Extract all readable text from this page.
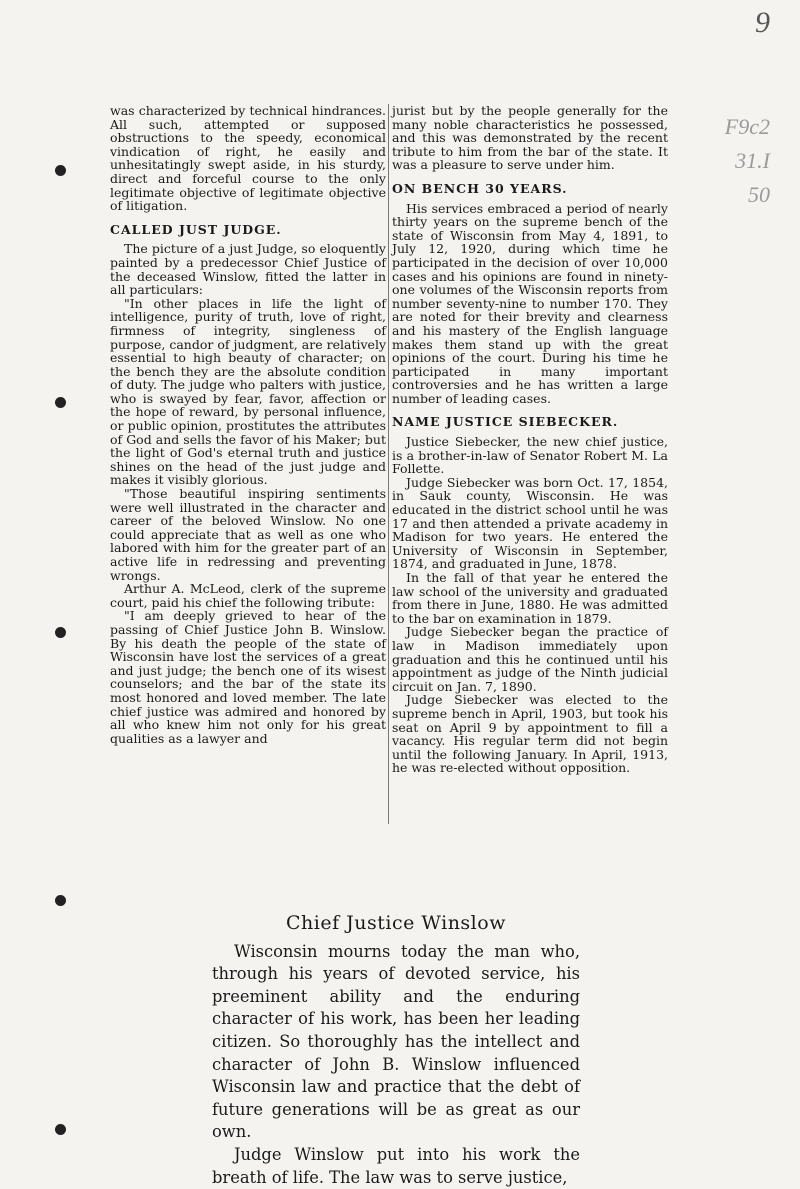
9
F9c2
31.I
50

was characterized by technical hindrances. All such, attempted or supposed obstructions to the speedy, economical vindication of right, he easily and unhesitatingly swept aside, in his sturdy, direct and forceful course to the only legitimate objective of legitimate objective of litigation.

CALLED JUST JUDGE.

The picture of a just Judge, so eloquently painted by a predecessor Chief Justice of the deceased Winslow, fitted the latter in all particulars:

"In other places in life the light of intelligence, purity of truth, love of right, firmness of integrity, singleness of purpose, candor of judgment, are relatively essential to high beauty of character; on the bench they are the absolute condition of duty. The judge who palters with justice, who is swayed by fear, favor, affection or the hope of reward, by personal influence, or public opinion, prostitutes the attributes of God and sells the favor of his Maker; but the light of God's eternal truth and justice shines on the head of the just judge and makes it visibly glorious.

"Those beautiful inspiring sentiments were well illustrated in the character and career of the beloved Winslow. No one could appreciate that as well as one who labored with him for the greater part of an active life in redressing and preventing wrongs.

Arthur A. McLeod, clerk of the supreme court, paid his chief the following tribute:

"I am deeply grieved to hear of the passing of Chief Justice John B. Winslow. By his death the people of the state of Wisconsin have lost the services of a great and just judge; the bench one of its wisest counselors; and the bar of the state its most honored and loved member. The late chief justice was admired and honored by all who knew him not only for his great qualities as a lawyer and

jurist but by the people generally for the many noble characteristics he possessed, and this was demonstrated by the recent tribute to him from the bar of the state. It was a pleasure to serve under him.

ON BENCH 30 YEARS.

His services embraced a period of nearly thirty years on the supreme bench of the state of Wisconsin from May 4, 1891, to July 12, 1920, during which time he participated in the decision of over 10,000 cases and his opinions are found in ninety-one volumes of the Wisconsin reports from number seventy-nine to number 170. They are noted for their brevity and clearness and his mastery of the English language makes them stand up with the great opinions of the court. During his time he participated in many important controversies and he has written a large number of leading cases.

NAME JUSTICE SIEBECKER.

Justice Siebecker, the new chief justice, is a brother-in-law of Senator Robert M. La Follette.

Judge Siebecker was born Oct. 17, 1854, in Sauk county, Wisconsin. He was educated in the district school until he was 17 and then attended a private academy in Madison for two years. He entered the University of Wisconsin in September, 1874, and graduated in June, 1878.

In the fall of that year he entered the law school of the university and graduated from there in June, 1880. He was admitted to the bar on examination in 1879.

Judge Siebecker began the practice of law in Madison immediately upon graduation and this he continued until his appointment as judge of the Ninth judicial circuit on Jan. 7, 1890.

Judge Siebecker was elected to the supreme bench in April, 1903, but took his seat on April 9 by appointment to fill a vacancy. His regular term did not begin until the following January. In April, 1913, he was re-elected without opposition.

Chief Justice Winslow

Wisconsin mourns today the man who, through his years of devoted service, his preeminent ability and the enduring character of his work, has been her leading citizen. So thoroughly has the intellect and character of John B. Winslow influenced Wisconsin law and practice that the debt of future generations will be as great as our own.

Judge Winslow put into his work the breath of life. The law was to serve justice,
